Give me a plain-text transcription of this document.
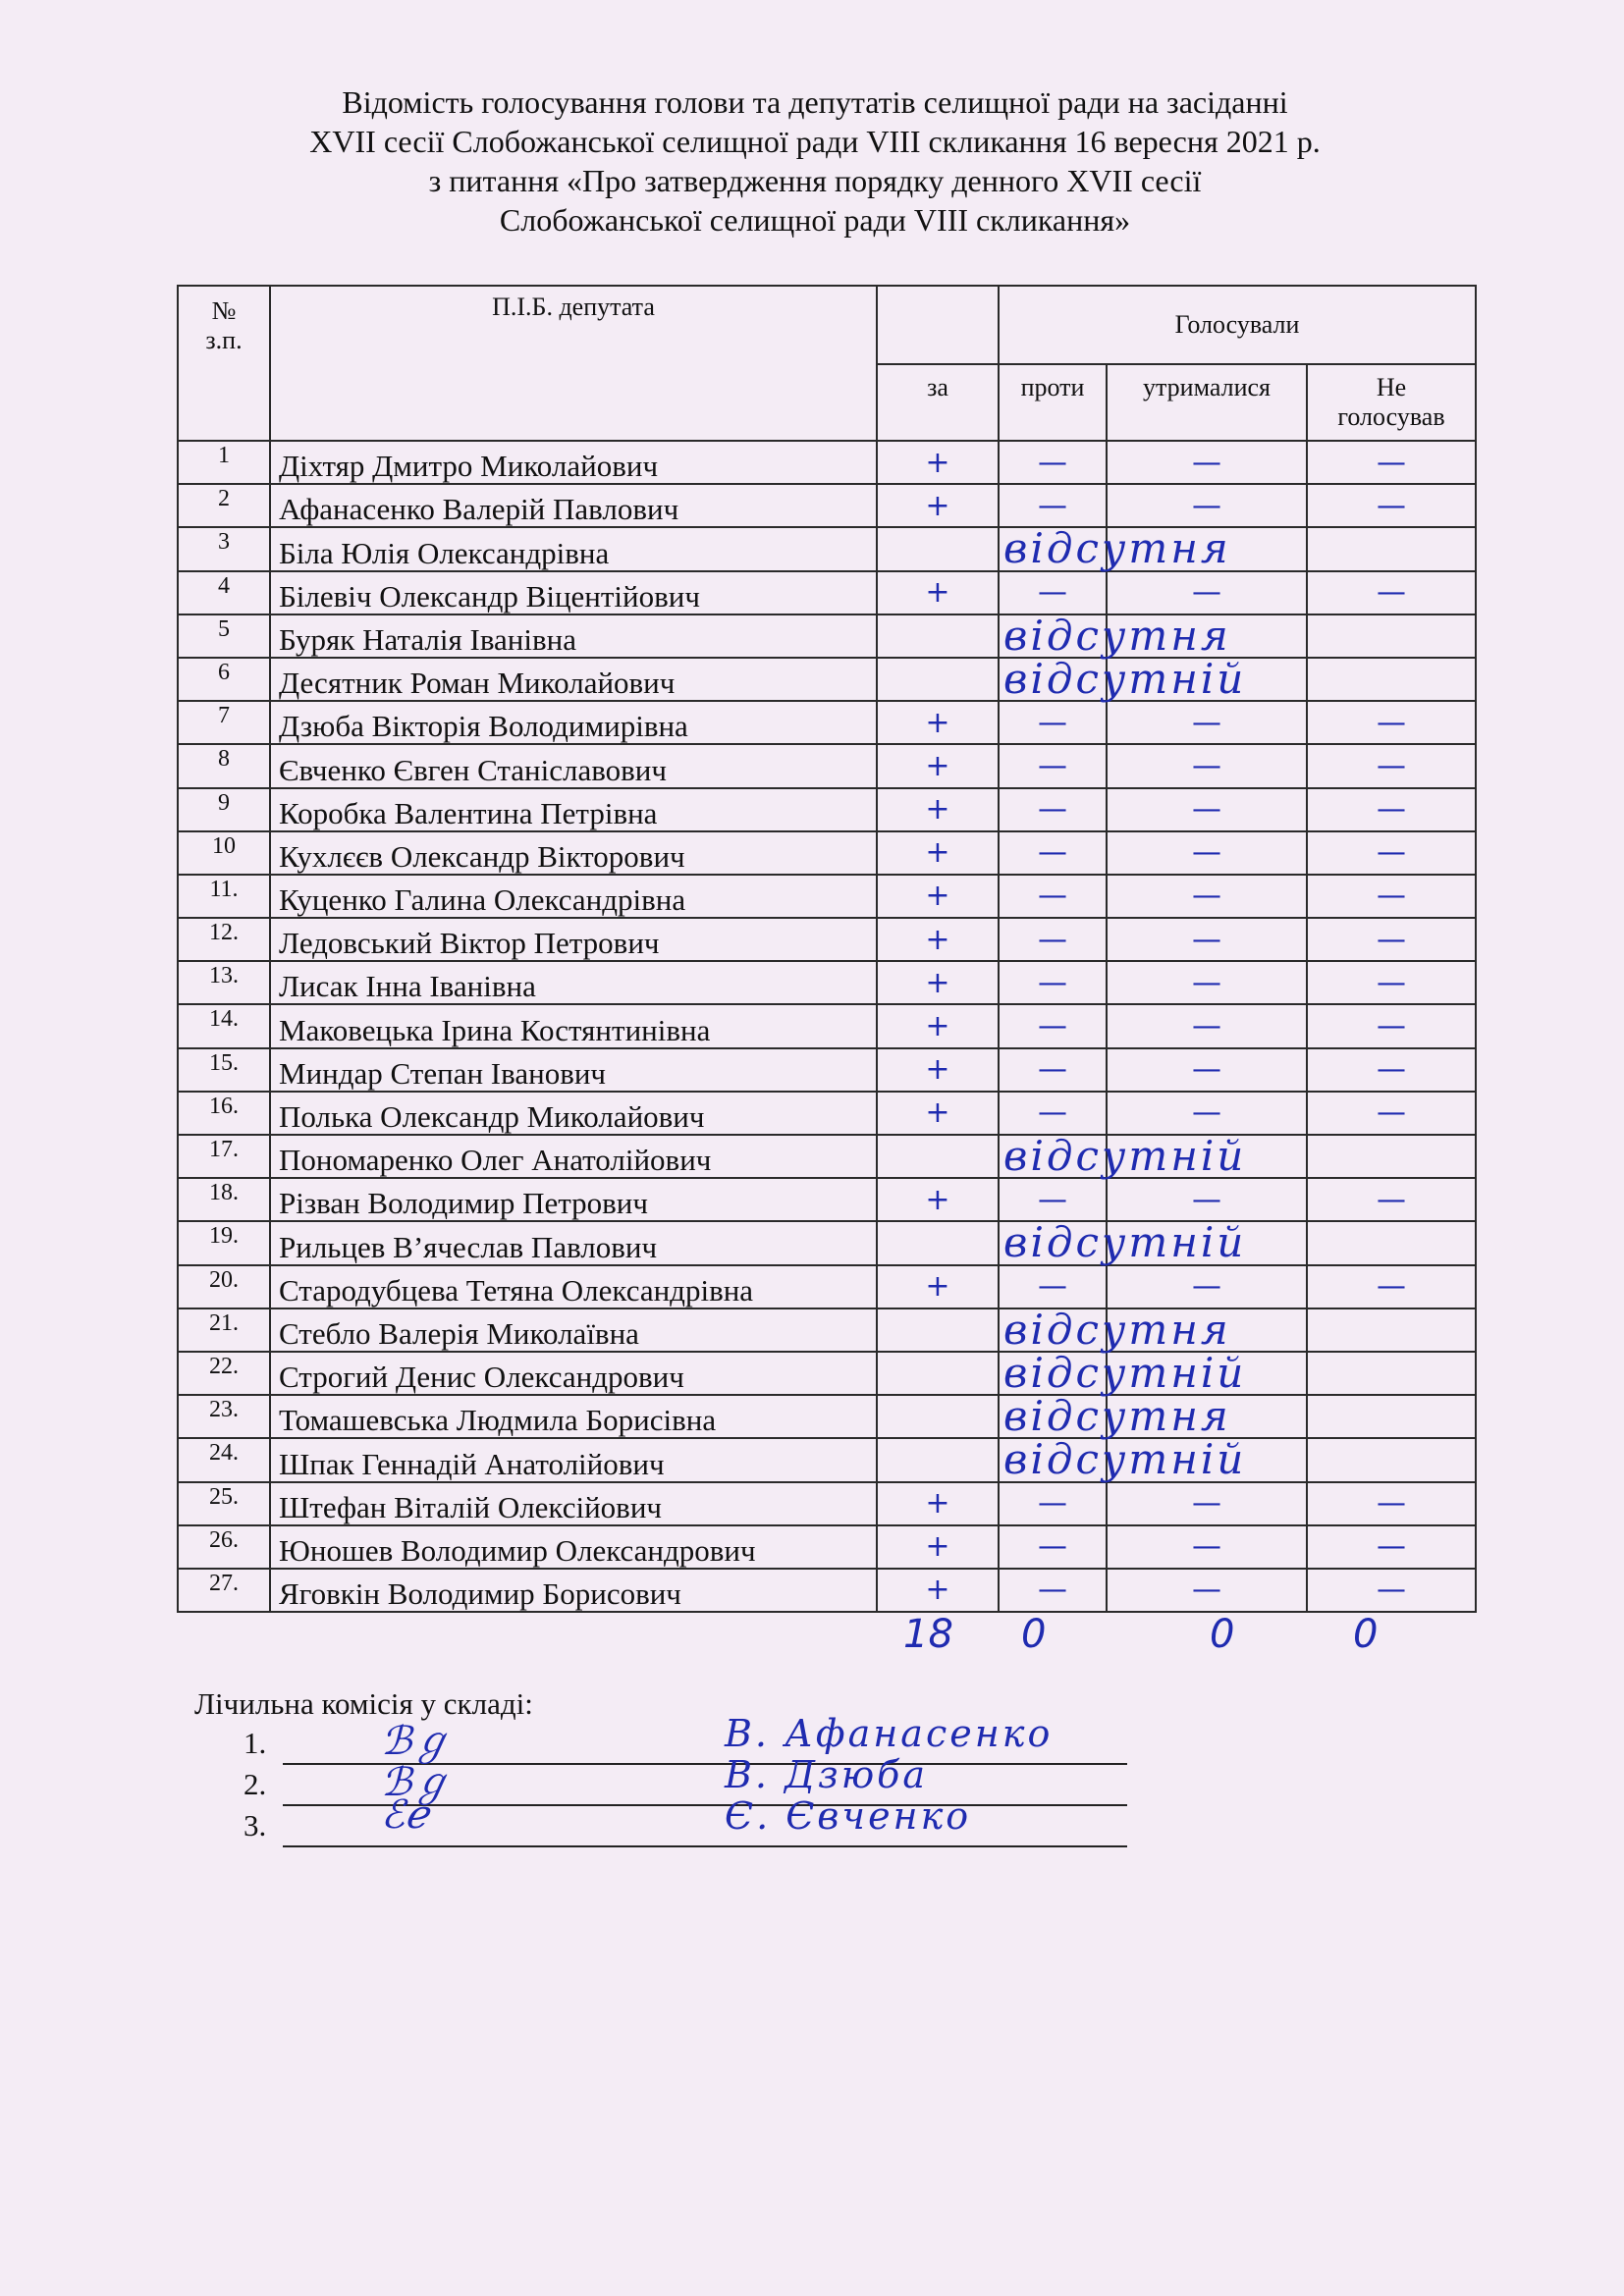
Відомість голосування голови та депутатів селищної ради на засіданні
XVII сесії Слобожанської селищної ради VIII скликання 16 вересня 2021 р.
з питання «Про затвердження порядку денного XVII сесії
Слобожанської селищної ради VIII скликання»
№
з.п.	П.І.Б. депутата		Голосували		
		за	проти	утрималися	Не
голосував
1	Діхтяр Дмитро Миколайович	+	—	—	—
2	Афанасенко Валерій Павлович	+	—	—	—
3	Біла Юлія Олександрівна		відсутня		

4	Білевіч Олександр Віцентійович	+	—	—	—
5	Буряк Наталія Іванівна		відсутня		

6	Десятник Роман Миколайович		відсутній		

7	Дзюба Вікторія Володимирівна	+	—	—	—
8	Євченко Євген Станіславович	+	—	—	—
9	Коробка Валентина Петрівна	+	—	—	—
10	Кухлєєв Олександр Вікторович	+	—	—	—
11.	Куценко Галина Олександрівна	+	—	—	—
12.	Ледовський Віктор Петрович	+	—	—	—
13.	Лисак Інна Іванівна	+	—	—	—
14.	Маковецька Ірина Костянтинівна	+	—	—	—
15.	Миндар Степан Іванович	+	—	—	—
16.	Полька Олександр Миколайович	+	—	—	—
17.	Пономаренко Олег Анатолійович		відсутній		

18.	Різван Володимир Петрович	+	—	—	—
19.	Рильцев В’ячеслав Павлович		відсутній		

20.	Стародубцева Тетяна Олександрівна	+	—	—	—
21.	Стебло Валерія Миколаївна		відсутня		

22.	Строгий Денис Олександрович		відсутній		

23.	Томашевська Людмила Борисівна		відсутня		

24.	Шпак Геннадій Анатолійович		відсутній		

25.	Штефан Віталій Олексійович	+	—	—	—
26.	Юношев Володимир Олександрович	+	—	—	—
27.	Яговкін Володимир Борисович	+	—	—	—
18 0	0	0
Лічильна комісія у складі:
1.	ℬℊ	В. Афанасенко
2.	ℬℊ	В. Дзюба
3.	ℰℯ	Є. Євченко
